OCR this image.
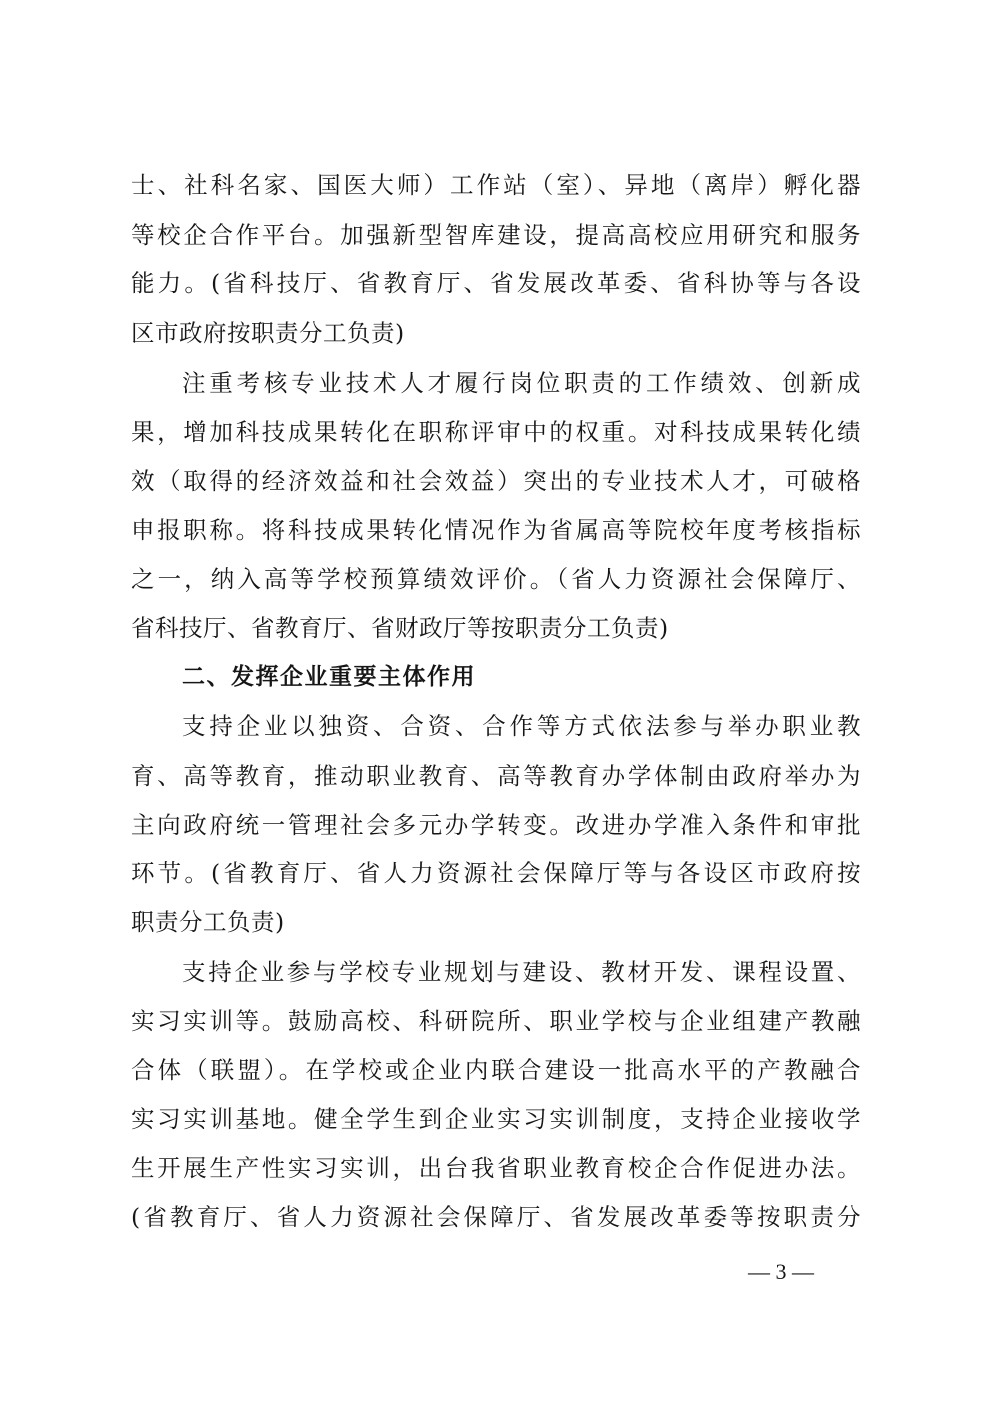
士、社科名家、国医大师）工作站（室）、异地（离岸）孵化器
等校企合作平台。加强新型智库建设，提高高校应用研究和服务
能力。(省科技厅、省教育厅、省发展改革委、省科协等与各设
区市政府按职责分工负责)
注重考核专业技术人才履行岗位职责的工作绩效、创新成
果，增加科技成果转化在职称评审中的权重。对科技成果转化绩
效（取得的经济效益和社会效益）突出的专业技术人才，可破格
申报职称。将科技成果转化情况作为省属高等院校年度考核指标
之一，纳入高等学校预算绩效评价。（省人力资源社会保障厅、
省科技厅、省教育厅、省财政厅等按职责分工负责)
二、发挥企业重要主体作用
支持企业以独资、合资、合作等方式依法参与举办职业教
育、高等教育，推动职业教育、高等教育办学体制由政府举办为
主向政府统一管理社会多元办学转变。改进办学准入条件和审批
环节。(省教育厅、省人力资源社会保障厅等与各设区市政府按
职责分工负责)
支持企业参与学校专业规划与建设、教材开发、课程设置、
实习实训等。鼓励高校、科研院所、职业学校与企业组建产教融
合体（联盟）。在学校或企业内联合建设一批高水平的产教融合
实习实训基地。健全学生到企业实习实训制度，支持企业接收学
生开展生产性实习实训，出台我省职业教育校企合作促进办法。
(省教育厅、省人力资源社会保障厅、省发展改革委等按职责分
— 3 —
